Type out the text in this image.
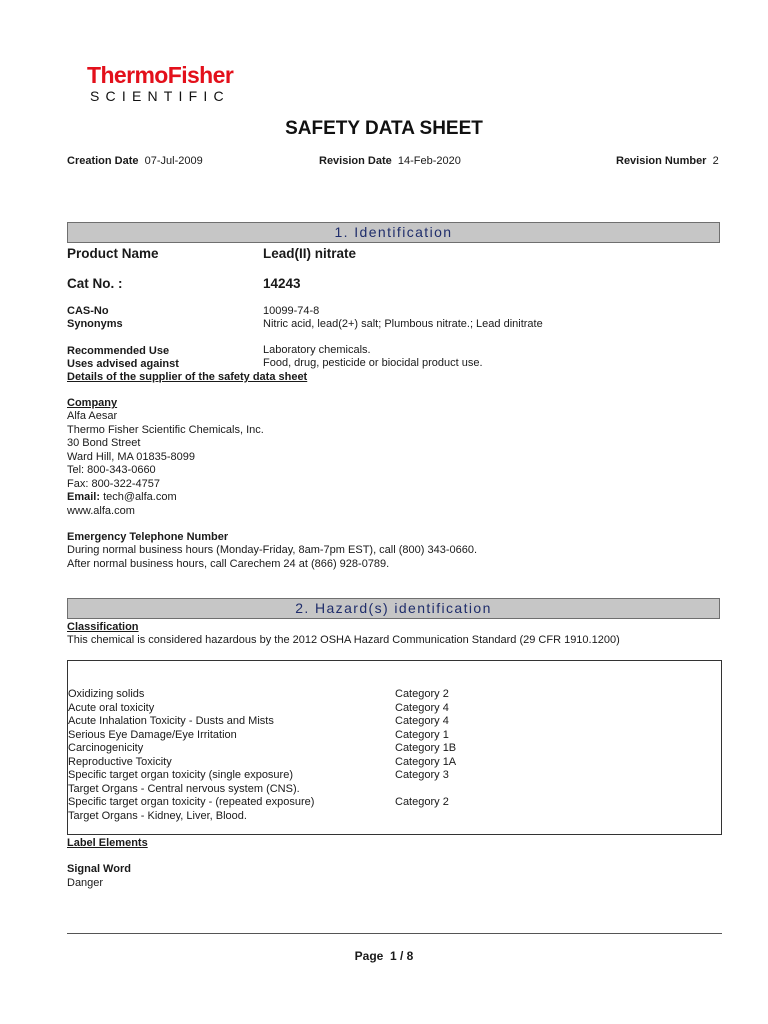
ThermoFisher
SCIENTIFIC
SAFETY DATA SHEET
Creation Date 07-Jul-2009	Revision Date 14-Feb-2020	Revision Number 2
1. Identification
Product Name	Lead(II) nitrate
Cat No. :	14243
CAS-No	10099-74-8
Synonyms	Nitric acid, lead(2+) salt; Plumbous nitrate.; Lead dinitrate
Recommended Use	Laboratory chemicals.
Uses advised against	Food, drug, pesticide or biocidal product use.
Details of the supplier of the safety data sheet
Company
Alfa Aesar
Thermo Fisher Scientific Chemicals, Inc.
30 Bond Street
Ward Hill, MA 01835-8099
Tel: 800-343-0660
Fax: 800-322-4757
Email: tech@alfa.com
www.alfa.com
Emergency Telephone Number
During normal business hours (Monday-Friday, 8am-7pm EST), call (800) 343-0660.
After normal business hours, call Carechem 24 at (866) 928-0789.
2. Hazard(s) identification
Classification
This chemical is considered hazardous by the 2012 OSHA Hazard Communication Standard (29 CFR 1910.1200)
Oxidizing solids	Category 2
Acute oral toxicity	Category 4
Acute Inhalation Toxicity - Dusts and Mists	Category 4
Serious Eye Damage/Eye Irritation	Category 1
Carcinogenicity	Category 1B
Reproductive Toxicity	Category 1A
Specific target organ toxicity (single exposure)	Category 3
Target Organs - Central nervous system (CNS).
Specific target organ toxicity - (repeated exposure)	Category 2
Target Organs - Kidney, Liver, Blood.
Label Elements
Signal Word
Danger
Page 1 / 8
